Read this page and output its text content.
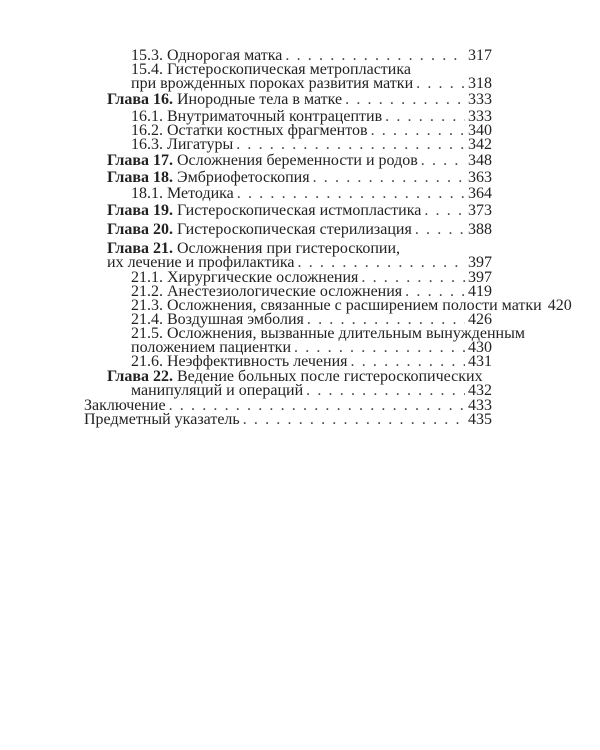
15.3. Однорогая матка . . .	317
15.4. Гистероскопическая метропластика
при врожденных пороках развития матки . . .	318
Глава 16. Инородные тела в матке . . .	333
16.1. Внутриматочный контрацептив . . .	333
16.2. Остатки костных фрагментов . . .	340
16.3. Лигатуры . . .	342
Глава 17. Осложнения беременности и родов . . .	348
Глава 18. Эмбриофетоскопия . . .	363
18.1. Методика . . .	364
Глава 19. Гистероскопическая истмопластика . . .	373
Глава 20. Гистероскопическая стерилизация . . .	388
Глава 21. Осложнения при гистероскопии,
их лечение и профилактика . . .	397
21.1. Хирургические осложнения . . .	397
21.2. Анестезиологические осложнения . . .	419
21.3. Осложнения, связанные с расширением полости матки 420
21.4. Воздушная эмболия . . .	426
21.5. Осложнения, вызванные длительным вынужденным
положением пациентки . . .	430
21.6. Неэффективность лечения . . .	431
Глава 22. Ведение больных после гистероскопических
манипуляций и операций . . .	432
Заключение . . .	433
Предметный указатель . . .	435
